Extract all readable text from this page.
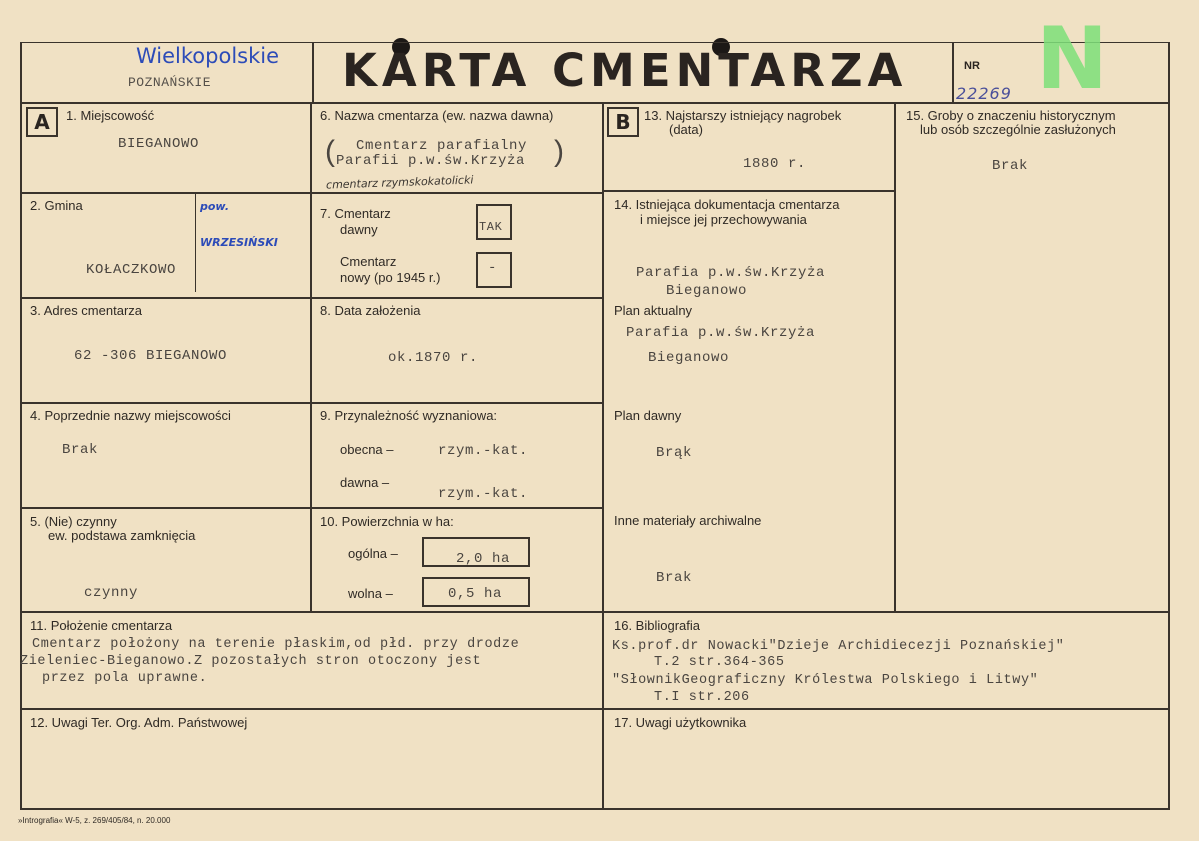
Wielkopolskie
POZNAŃSKIE	KARTA CMENTARZA	NR
22269 N
A	B
1. Miejscowość
BIEGANOWO
2. Gmina
KOŁACZKOWO
pow.
WRZESIŃSKI
3. Adres cmentarza
62 -306 BIEGANOWO
4. Poprzednie nazwy miejscowości
Brak
5. (Nie) czynny
ew. podstawa zamknięcia
czynny
6. Nazwa cmentarza (ew. nazwa dawna)
Cmentarz parafialny
Parafii p.w.św.Krzyża
(	)
cmentarz rzymskokatolicki
7. Cmentarz
dawny	TAK
Cmentarz
nowy (po 1945 r.)
-
8. Data założenia
ok.1870 r.
9. Przynależność wyznaniowa:
obecna –	rzym.-kat.
dawna –
rzym.-kat.
10. Powierzchnia w ha:
ogólna –	2,0 ha
wolna –	0,5 ha
11. Położenie cmentarza
Cmentarz położony na terenie płaskim,od płd. przy drodze
Zieleniec-Bieganowo.Z pozostałych stron otoczony jest
przez pola uprawne.
12. Uwagi Ter. Org. Adm. Państwowej
13. Najstarszy istniejący nagrobek
(data)
1880 r.
14. Istniejąca dokumentacja cmentarza
i miejsce jej przechowywania
Parafia p.w.św.Krzyża
Bieganowo
Plan aktualny
Parafia p.w.św.Krzyża
Bieganowo
Plan dawny
Brąk
Inne materiały archiwalne
Brak
15. Groby o znaczeniu historycznym
lub osób szczególnie zasłużonych
Brak
16. Bibliografia
Ks.prof.dr Nowacki"Dzieje Archidiecezji Poznańskiej"
T.2 str.364-365
"SłownikGeograficzny Królestwa Polskiego i Litwy"
T.I str.206
17. Uwagi użytkownika
»Intrografia« W-5, z. 269/405/84, n. 20.000
